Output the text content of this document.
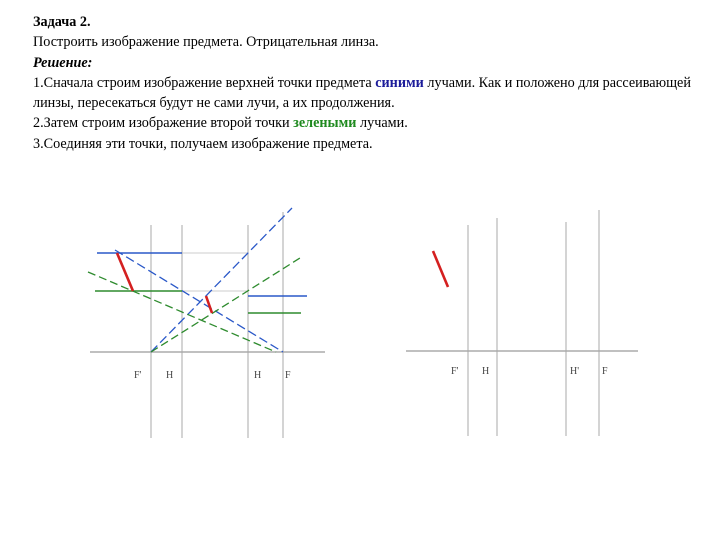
Задача 2.

Построить изображение предмета. Отрицательная линза.

Решение:

1.Сначала строим изображение верхней точки предмета синими лучами. Как и положено для рассеивающей линзы, пересекаться будут не сами лучи, а их продолжения.

2.Затем строим изображение второй точки зелеными лучами.

3.Соединяя эти точки, получаем изображение предмета.

F' H	H F	F' H	H' F
